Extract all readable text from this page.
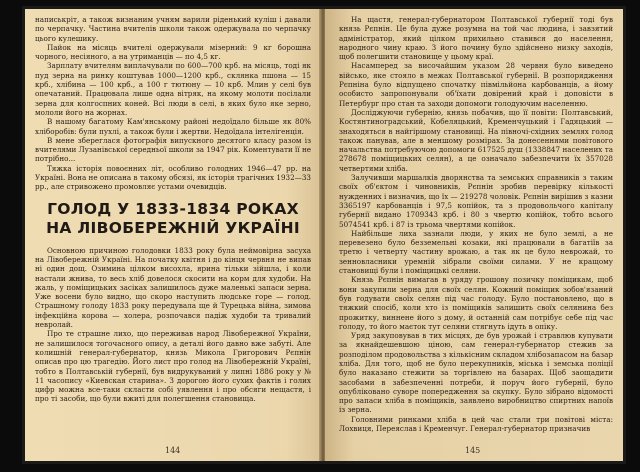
написькріт, а також визнаним учням варили ріденький куліш і давали по черпачку. Частина вчителів школи також одержувала по черпачку цього кулешику.

Пайок на місяць вчителі одержували мізерний: 9 кг борошна чорного, несіяного, а на утриманців — по 4,5 кг.

Зарплату вчителям виплачували по 600—700 крб. на місяць, тоді як пуд зерна на ринку коштував 1000—1200 крб., склянка пшона — 15 крб., хлібина — 100 крб., а 100 г тютюну — 10 крб. Млин у селі був опечатаний. Працювала лише одна вітряк, на якому молоти посілали зерна для колгоспних коней. Всі люди в селі, в яких було яке зерно, мололи його на жорнах.

В нашому багатому Кам'янському районі недоїдало більше як 80% хліборобів: були пухлі, а також були і жертви. Недоїдала інтелігенція.

В мене збереглася фотографія випускного десятого класу разом із вчителями Лузанівської середньої школи за 1947 рік. Коментувати її не потрібно...

Тяжка історія повоєнних літ, особливо голодних 1946—47 рр. на Україні. Вона не описана в такому обсязі, як історія трагічних 1932—33 рр., але стривожено промовляє устами очевидців.

ГОЛОД У 1833-1834 РОКАХ
НА ЛІВОБЕРЕЖНІЙ УКРАЇНІ

Основною причиною голодовки 1833 року була неймовірна засуха на Лівобережній Україні. На початку квітня і до кінця червня не випав ні один дощ. Озимина цілком висохла, ярина тільки зійшла, і коли настали жнива, то весь хліб довелося скосити на корм для худоби. На жаль, у поміщицьких засіках залишилось дуже маленькі запаси зерна. Уже восени було видно, що скоро наступить людське горе — голод. Страшному голоду 1833 року передувала ще й Турецька війна, зимова інфекційна корова — холера, розпочався падіж худоби та тривалий невролай.

Про те страшне лихо, що переживав народ Лівобережної України, не залишилося тогочасного опису, а деталі його давно вже забуті. Але колишній генерал-губернатор, князь Микола Григорович Рєпнін описав про цю трагедію. Його лист про голод на Лівобережній Україні, тобто в Полтавській губернії, був видрукуваний у липні 1886 року у № 11 часопису «Киевская старина». З дорогою його сухих фактів і голих цифр можна все-таки скласти собі уявлення і про обсяги нещастя, і про ті засоби, що були вжиті для полегшення становища.

144

На щастя, генерал-губернатором Полтавської губернії тоді був князь Рєпнін. Це була дуже розумна на той час людина, і завзятий адміністратор, який цілком прихильно ставився до населення, народного чину краю. З його почину було здійснено низку заходів, щоб полегшити становище у цьому краї.

Насамперед за височайшим указом 28 червня було виведено військо, яке стояло в межах Полтавської губернії. В розпорядження Рєпніна було відпущено спочатку півмільйона карбованців, а йому особисто запропонували об'їхати довірений край і доповісти в Петербург про стан та заходи допомоги голодуючим населенню.

Досліджуючи губернію, князь побачив, що її повіти: Полтавський, Костянтиноградський, Кобеляцький, Кременчуцький і Гадяцький — знаходяться в найгіршому становищі. На півночі-східних землях голод також панував, але в меншому розмірах. За донесеннями повітового начальства потребуючою допомоги 617525 душ (1338847 населених та 278678 поміщицьких селян), а це означало забезпечити їх 357028 четвертями хліба.

Залучивши маршалків дворянства та земських справників з таким своїх об'єктом і чиновників, Рєпнін зробив перевірку кількості нужденних і визначив, що їх — 219278 чоловік. Рєпнін вирішив з казни 3365197 карбованців і 97,5 копійок, та з продовольчого капіталу губернії видано 1709343 крб. і 80 з чвертю копійок, тобто всього 5074541 крб. і 87 із трьома чвертями копійок.

Найбільше лиха зазнали люди, у яких не було землі, а не перевезено було безземельні козаки, які працювали в багатіїв за третю і четверту частину врожаю, а так як це було неврожай, то зенновласники уремній зібрали своїми силами. У не кращому становищі були і поміщицькі селяни.

Князь Рєпнін вимагав в уряду грошову позичку поміщикам, щоб вони закупили зерна для своїх селян. Кожний поміщик зобов'язаний був годувати своїх селян під час голоду. Було постановлено, що в тяжкий спосіб, коли хто із поміщиків залишить своїх селянина без прожитку, виннене його з дому, й останній сам потрібує себе під час голоду, то його маєток тут селяни стягнуть ідуть в опіку.

Уряд закуповував в тих місцях, де був урожай і стравлюв купувати за якнайдешевшою ціною, сам генерал-губернатор стежив за розподілом продовольства з кількісним складом хлібозапасом на базар хліба. Для того, щоб не було перекупників, міська і земська поліції було наказано стежити за торгівлею на базарах. Щоб заощадити засобами в забезпеченні потреби, й поруч його губернії, було опубліковано суворе попередження за скупку. Було зібрано відомості про запаси хліба в поміщиків, заявлено виробництво спиртних напоїв із зерна.

Головними ринками хліба в цей час стали три повітові міста: Лохвиця, Переяслав і Кременчуг. Генерал-губернатор призначив

145
